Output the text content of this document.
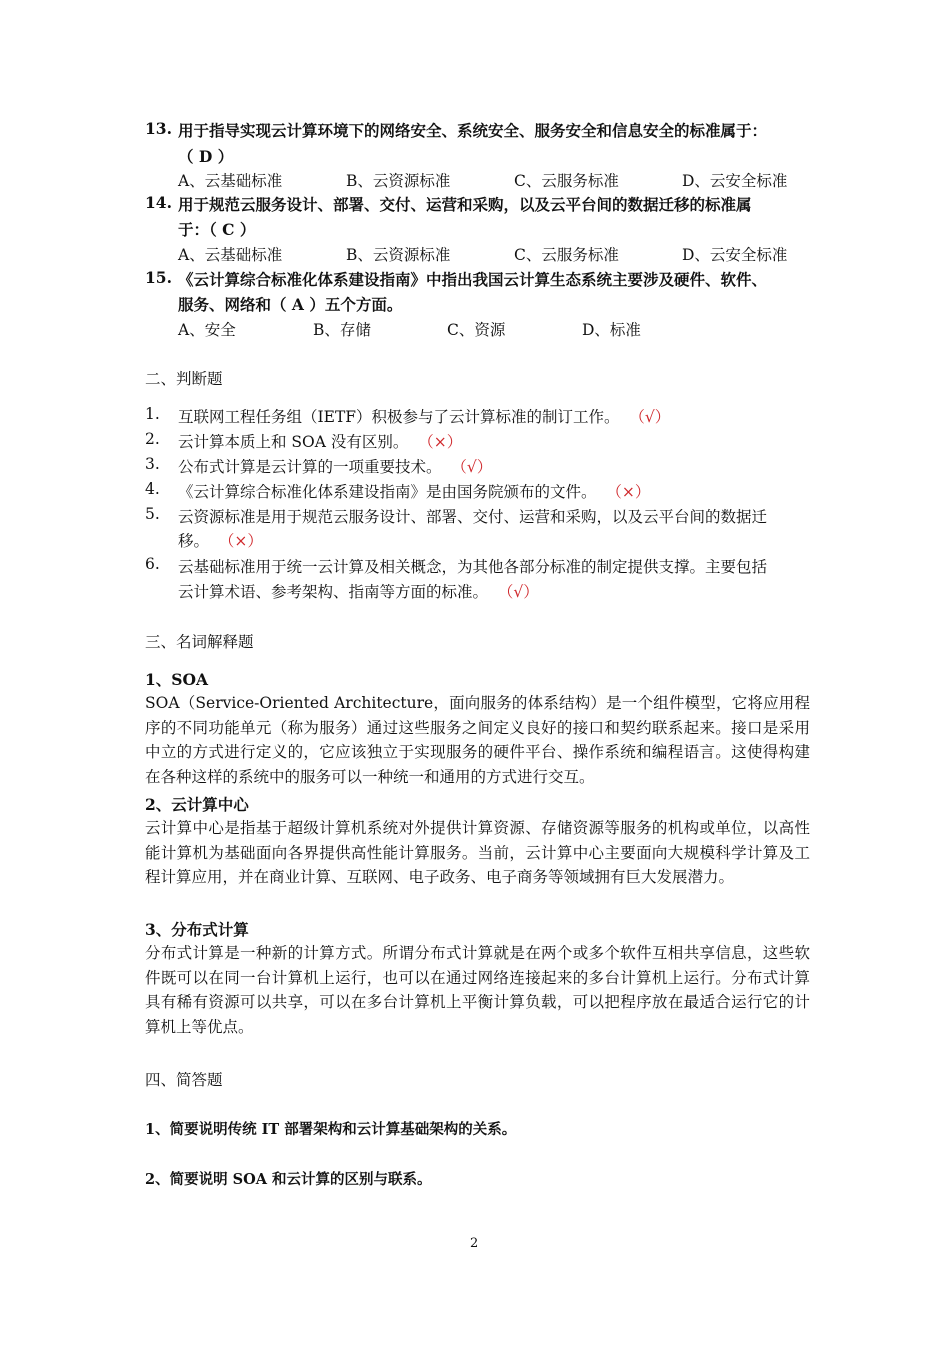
13. 用于指导实现云计算环境下的网络安全、系统安全、服务安全和信息安全的标准属于：
（ D ）
A、云基础标准	B、云资源标准	C、云服务标准	D、云安全标准
14. 用于规范云服务设计、部署、交付、运营和采购，以及云平台间的数据迁移的标准属
于：（ C ）
A、云基础标准	B、云资源标准	C、云服务标准	D、云安全标准
15. 《云计算综合标准化体系建设指南》中指出我国云计算生态系统主要涉及硬件、软件、
服务、网络和（ A ）五个方面。
A、安全	B、存储	C、资源	D、标准
二、判断题
1. 互联网工程任务组（IETF）积极参与了云计算标准的制订工作。 （√）
2. 云计算本质上和 SOA 没有区别。 （×）
3. 公布式计算是云计算的一项重要技术。 （√）
4. 《云计算综合标准化体系建设指南》是由国务院颁布的文件。 （×）
5. 云资源标准是用于规范云服务设计、部署、交付、运营和采购，以及云平台间的数据迁
移。 （×）
6. 云基础标准用于统一云计算及相关概念，为其他各部分标准的制定提供支撑。主要包括
云计算术语、参考架构、指南等方面的标准。 （√）
三、名词解释题
1、SOA
SOA（Service-Oriented Architecture，面向服务的体系结构）是一个组件模型，它将应用程序的不同功能单元（称为服务）通过这些服务之间定义良好的接口和契约联系起来。接口是采用中立的方式进行定义的，它应该独立于实现服务的硬件平台、操作系统和编程语言。这使得构建在各种这样的系统中的服务可以一种统一和通用的方式进行交互。
2、云计算中心
云计算中心是指基于超级计算机系统对外提供计算资源、存储资源等服务的机构或单位，以高性能计算机为基础面向各界提供高性能计算服务。当前，云计算中心主要面向大规模科学计算及工程计算应用，并在商业计算、互联网、电子政务、电子商务等领域拥有巨大发展潜力。
3、分布式计算
分布式计算是一种新的计算方式。所谓分布式计算就是在两个或多个软件互相共享信息，这些软件既可以在同一台计算机上运行，也可以在通过网络连接起来的多台计算机上运行。分布式计算具有稀有资源可以共享，可以在多台计算机上平衡计算负载，可以把程序放在最适合运行它的计算机上等优点。
四、简答题
1、简要说明传统 IT 部署架构和云计算基础架构的关系。
2、简要说明 SOA 和云计算的区别与联系。
2
